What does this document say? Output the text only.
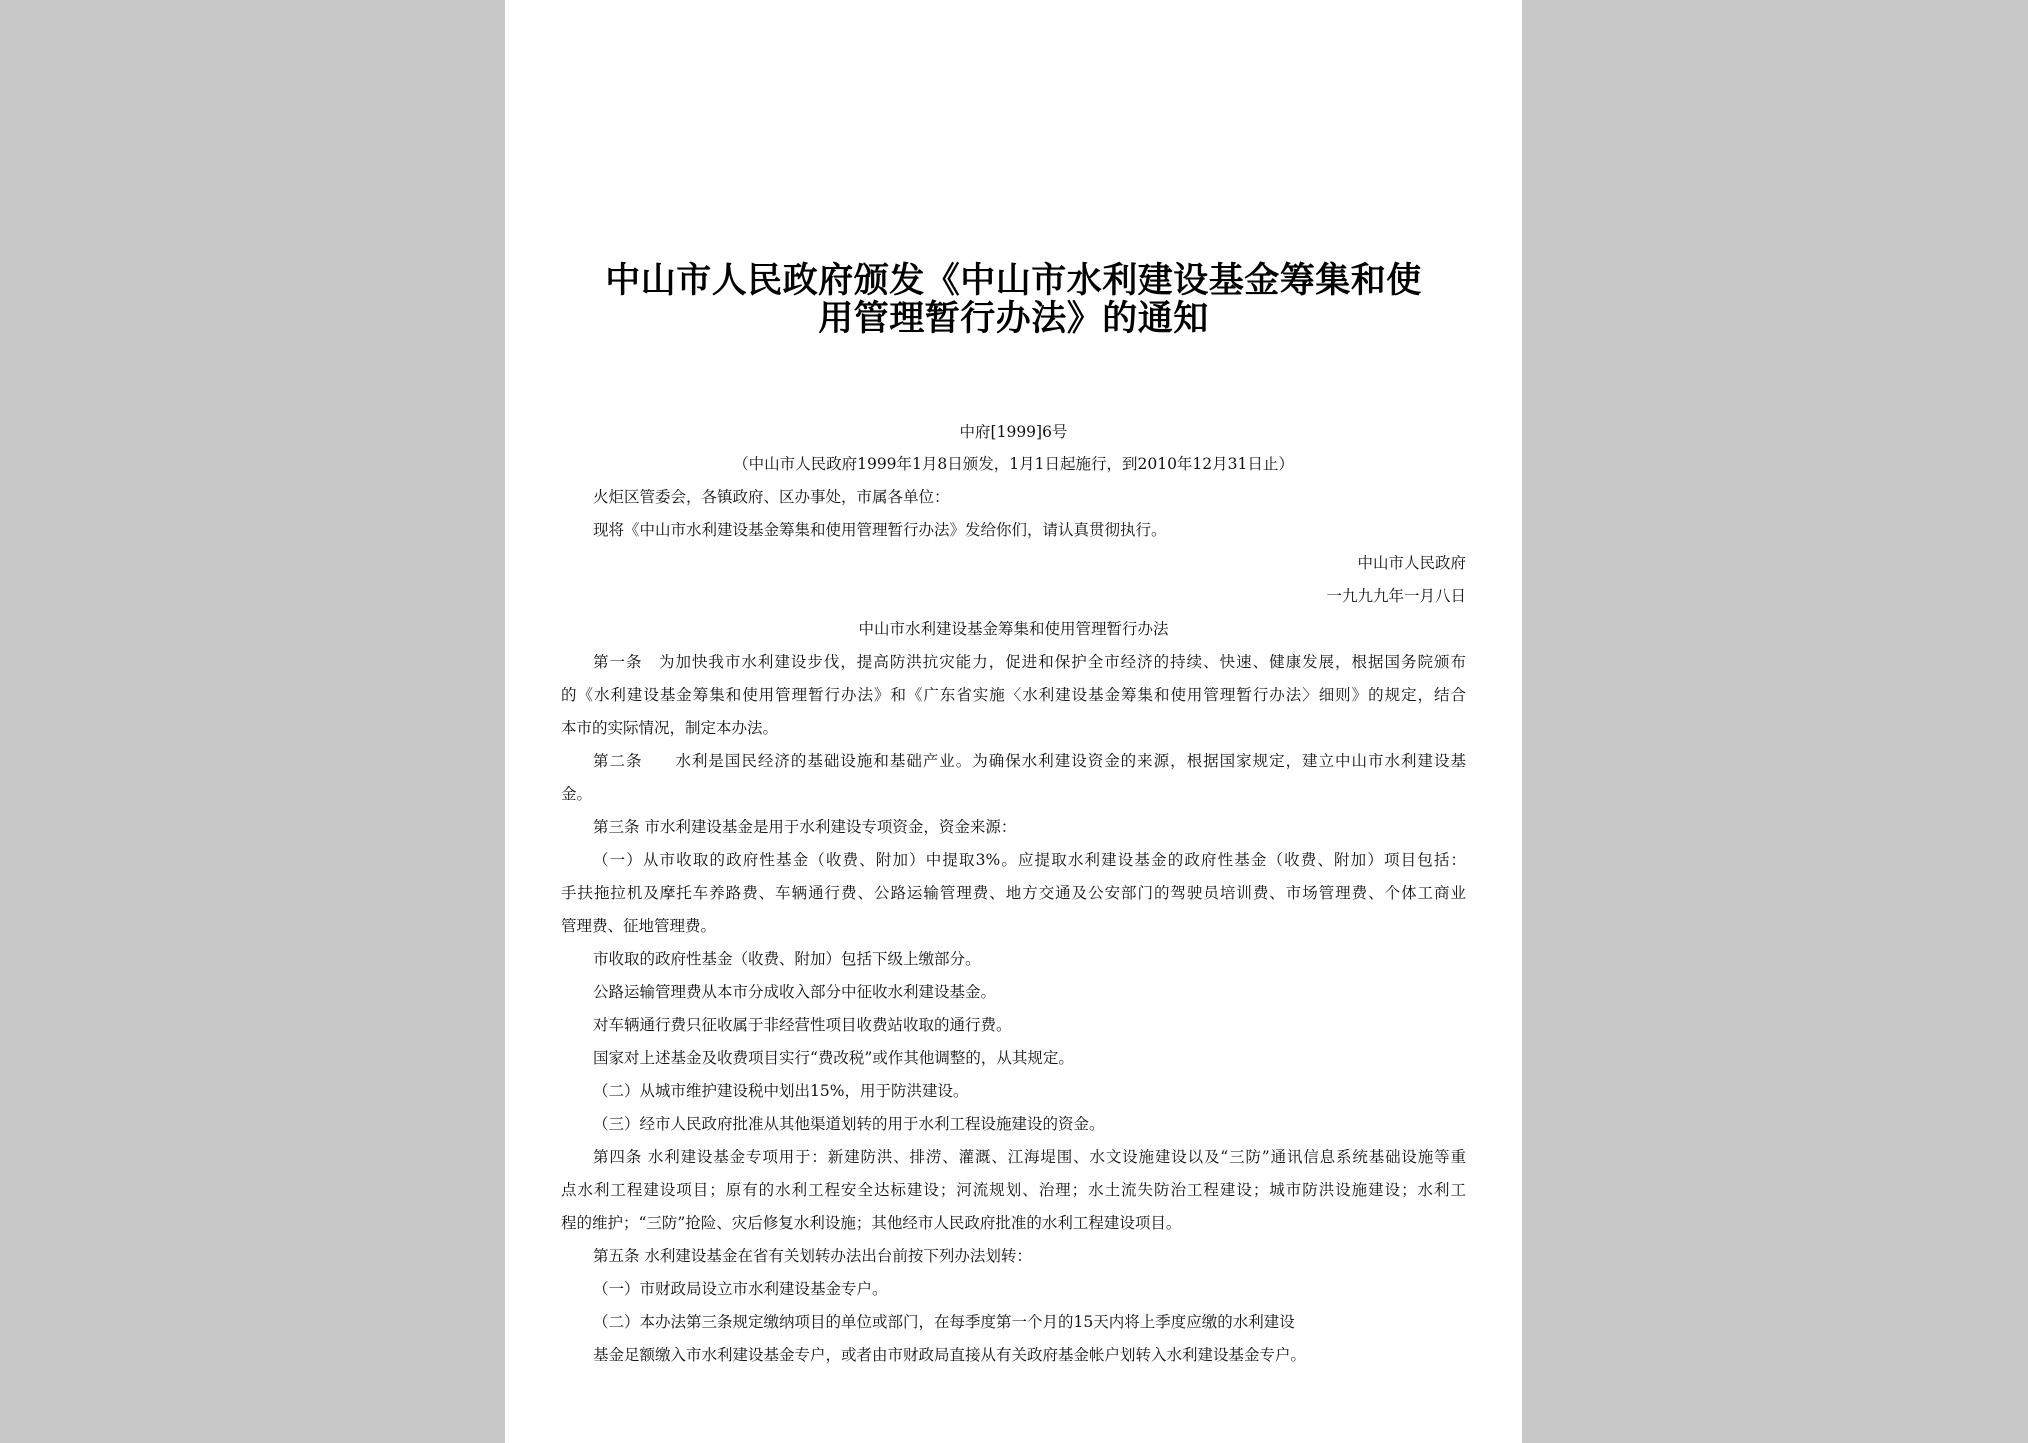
中山市人民政府颁发《中山市水利建设基金筹集和使
用管理暂行办法》的通知
中府[1999]6号
（中山市人民政府1999年1月8日颁发，1月1日起施行，到2010年12月31日止）
火炬区管委会，各镇政府、区办事处，市属各单位：
现将《中山市水利建设基金筹集和使用管理暂行办法》发给你们，请认真贯彻执行。
中山市人民政府
一九九九年一月八日
中山市水利建设基金筹集和使用管理暂行办法
第一条　为加快我市水利建设步伐，提高防洪抗灾能力，促进和保护全市经济的持续、快速、健康发展，根据国务院颁布
的《水利建设基金筹集和使用管理暂行办法》和《广东省实施〈水利建设基金筹集和使用管理暂行办法〉细则》的规定，结合
本市的实际情况，制定本办法。
第二条　　水利是国民经济的基础设施和基础产业。为确保水利建设资金的来源，根据国家规定，建立中山市水利建设基
金。
第三条 市水利建设基金是用于水利建设专项资金，资金来源：
（一）从市收取的政府性基金（收费、附加）中提取3%。应提取水利建设基金的政府性基金（收费、附加）项目包括：
手扶拖拉机及摩托车养路费、车辆通行费、公路运输管理费、地方交通及公安部门的驾驶员培训费、市场管理费、个体工商业
管理费、征地管理费。
市收取的政府性基金（收费、附加）包括下级上缴部分。
公路运输管理费从本市分成收入部分中征收水利建设基金。
对车辆通行费只征收属于非经营性项目收费站收取的通行费。
国家对上述基金及收费项目实行“费改税”或作其他调整的，从其规定。
（二）从城市维护建设税中划出15%，用于防洪建设。
（三）经市人民政府批准从其他渠道划转的用于水利工程设施建设的资金。
第四条 水利建设基金专项用于：新建防洪、排涝、灌溉、江海堤围、水文设施建设以及“三防”通讯信息系统基础设施等重
点水利工程建设项目；原有的水利工程安全达标建设；河流规划、治理；水土流失防治工程建设；城市防洪设施建设；水利工
程的维护；“三防”抢险、灾后修复水利设施；其他经市人民政府批准的水利工程建设项目。
第五条 水利建设基金在省有关划转办法出台前按下列办法划转：
（一）市财政局设立市水利建设基金专户。
（二）本办法第三条规定缴纳项目的单位或部门，在每季度第一个月的15天内将上季度应缴的水利建设
基金足额缴入市水利建设基金专户，或者由市财政局直接从有关政府基金帐户划转入水利建设基金专户。
